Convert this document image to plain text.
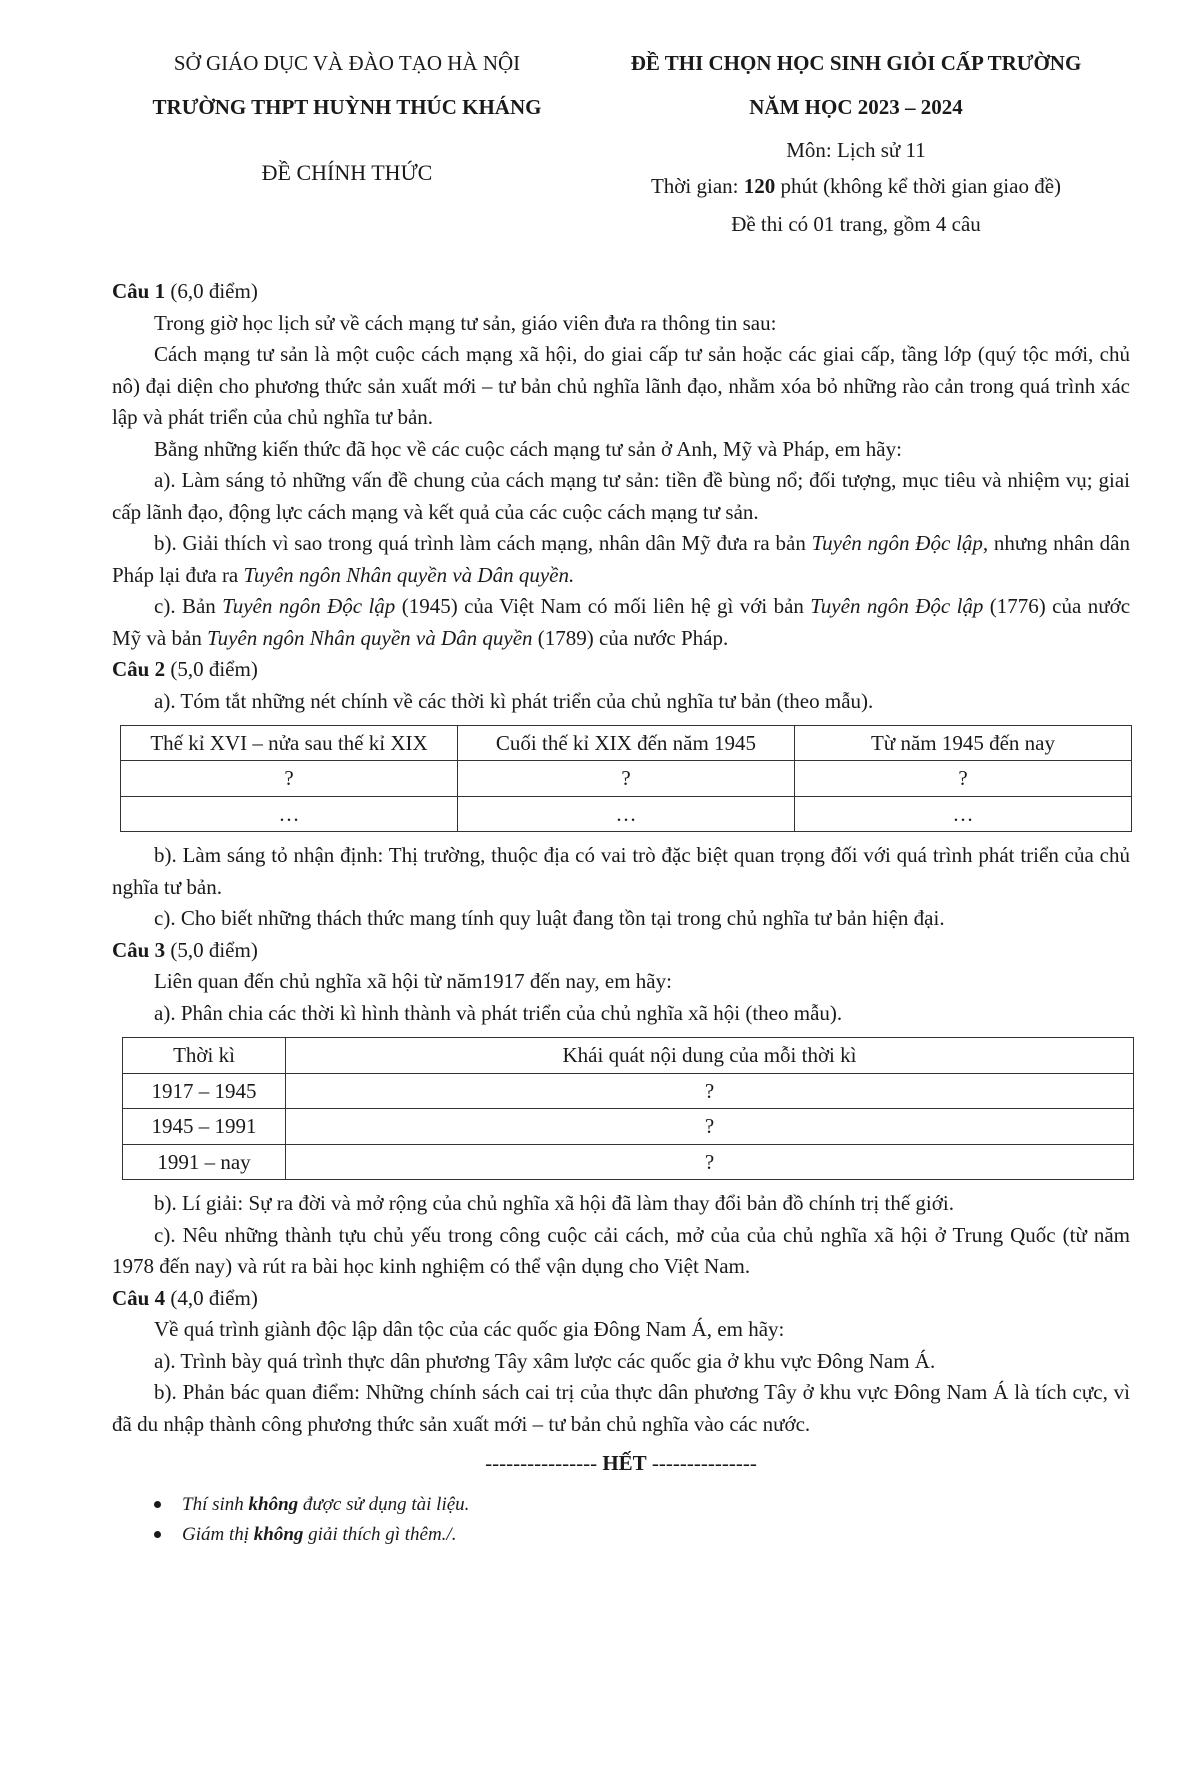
SỞ GIÁO DỤC VÀ ĐÀO TẠO HÀ NỘI
TRƯỜNG THPT HUỲNH THÚC KHÁNG
ĐỀ CHÍNH THỨC
ĐỀ THI CHỌN HỌC SINH GIỎI CẤP TRƯỜNG
NĂM HỌC 2023 – 2024
Môn: Lịch sử 11
Thời gian: 120 phút (không kể thời gian giao đề)
Đề thi có 01 trang, gồm 4 câu

Câu 1 (6,0 điểm)

Trong giờ học lịch sử về cách mạng tư sản, giáo viên đưa ra thông tin sau:

Cách mạng tư sản là một cuộc cách mạng xã hội, do giai cấp tư sản hoặc các giai cấp, tầng lớp (quý tộc mới, chủ nô) đại diện cho phương thức sản xuất mới – tư bản chủ nghĩa lãnh đạo, nhằm xóa bỏ những rào cản trong quá trình xác lập và phát triển của chủ nghĩa tư bản.

Bằng những kiến thức đã học về các cuộc cách mạng tư sản ở Anh, Mỹ và Pháp, em hãy:

a). Làm sáng tỏ những vấn đề chung của cách mạng tư sản: tiền đề bùng nổ; đối tượng, mục tiêu và nhiệm vụ; giai cấp lãnh đạo, động lực cách mạng và kết quả của các cuộc cách mạng tư sản.

b). Giải thích vì sao trong quá trình làm cách mạng, nhân dân Mỹ đưa ra bản Tuyên ngôn Độc lập, nhưng nhân dân Pháp lại đưa ra Tuyên ngôn Nhân quyền và Dân quyền.

c). Bản Tuyên ngôn Độc lập (1945) của Việt Nam có mối liên hệ gì với bản Tuyên ngôn Độc lập (1776) của nước Mỹ và bản Tuyên ngôn Nhân quyền và Dân quyền (1789) của nước Pháp.

Câu 2 (5,0 điểm)

a). Tóm tắt những nét chính về các thời kì phát triển của chủ nghĩa tư bản (theo mẫu).

Thế kỉ XVI – nửa sau thế kỉ XIX	Cuối thế kỉ XIX đến năm 1945	Từ năm 1945 đến nay
?	?	?
…	…	…

b). Làm sáng tỏ nhận định: Thị trường, thuộc địa có vai trò đặc biệt quan trọng đối với quá trình phát triển của chủ nghĩa tư bản.

c). Cho biết những thách thức mang tính quy luật đang tồn tại trong chủ nghĩa tư bản hiện đại.

Câu 3 (5,0 điểm)

Liên quan đến chủ nghĩa xã hội từ năm1917 đến nay, em hãy:

a). Phân chia các thời kì hình thành và phát triển của chủ nghĩa xã hội (theo mẫu).

Thời kì	Khái quát nội dung của mỗi thời kì
1917 – 1945	?
1945 – 1991	?
1991 – nay	?

b). Lí giải: Sự ra đời và mở rộng của chủ nghĩa xã hội đã làm thay đổi bản đồ chính trị thế giới.

c). Nêu những thành tựu chủ yếu trong công cuộc cải cách, mở của của chủ nghĩa xã hội ở Trung Quốc (từ năm 1978 đến nay) và rút ra bài học kinh nghiệm có thể vận dụng cho Việt Nam.

Câu 4 (4,0 điểm)

Về quá trình giành độc lập dân tộc của các quốc gia Đông Nam Á, em hãy:

a). Trình bày quá trình thực dân phương Tây xâm lược các quốc gia ở khu vực Đông Nam Á.

b). Phản bác quan điểm: Những chính sách cai trị của thực dân phương Tây ở khu vực Đông Nam Á là tích cực, vì đã du nhập thành công phương thức sản xuất mới – tư bản chủ nghĩa vào các nước.

---------------- HẾT ---------------
Thí sinh không được sử dụng tài liệu.
Giám thị không giải thích gì thêm./.
